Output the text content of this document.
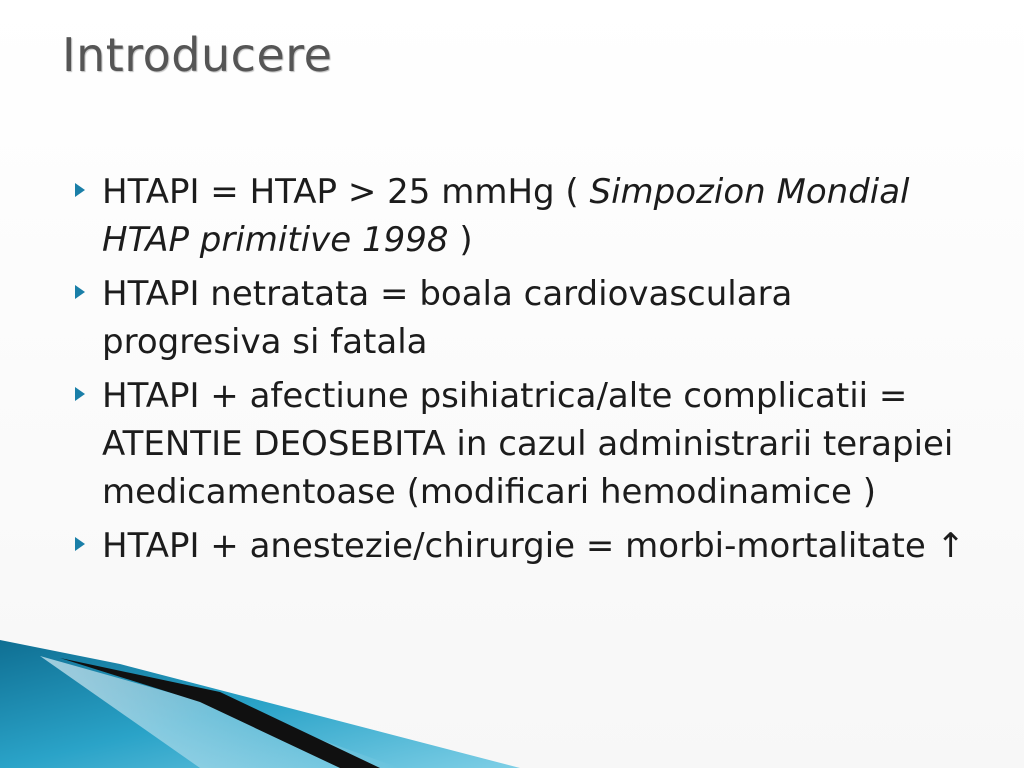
Introducere
HTAPI = HTAP > 25 mmHg ( Simpozion Mondial HTAP primitive 1998 )
HTAPI netratata = boala cardiovasculara progresiva si fatala
HTAPI + afectiune psihiatrica/alte complicatii = ATENTIE DEOSEBITA in cazul administrarii terapiei medicamentoase (modificari hemodinamice )
HTAPI + anestezie/chirurgie = morbi-mortalitate ↑
